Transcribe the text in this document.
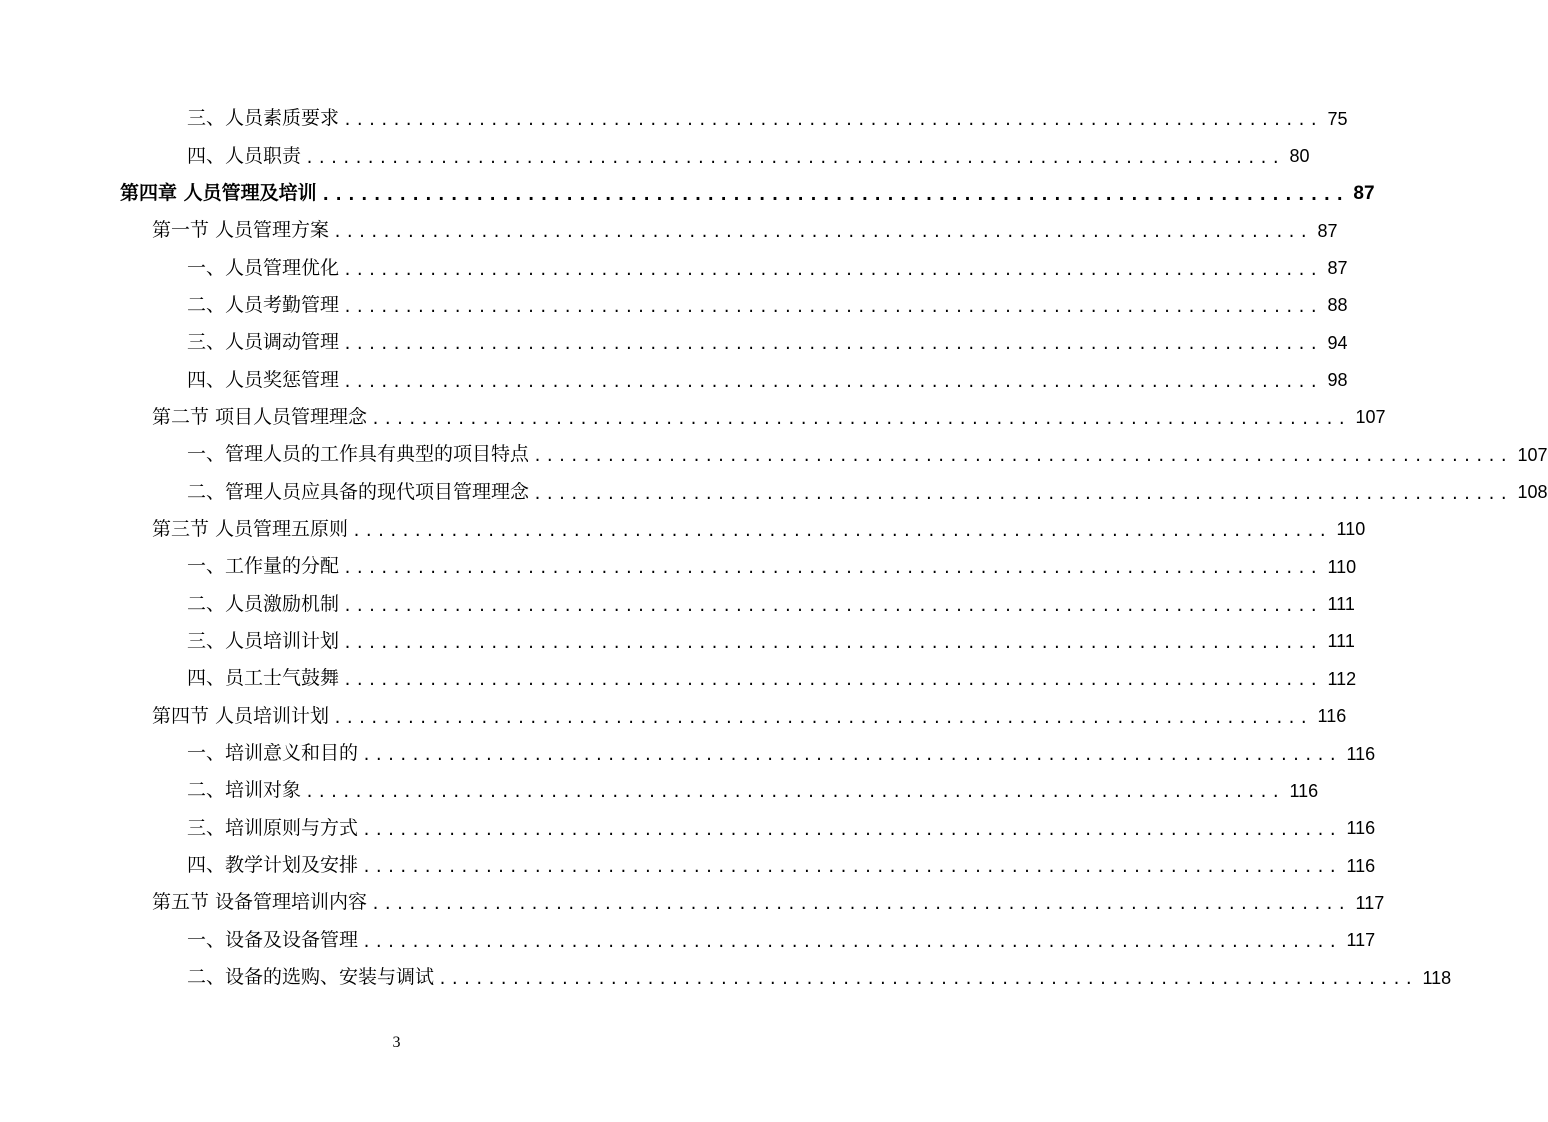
三、人员素质要求 ................................................................................ 75
四、人员职责 ................................................................................ 80
第四章 人员管理及培训 ................................................................................ 87
第一节 人员管理方案 ................................................................................ 87
一、人员管理优化 ................................................................................ 87
二、人员考勤管理 ................................................................................ 88
三、人员调动管理 ................................................................................ 94
四、人员奖惩管理 ................................................................................ 98
第二节 项目人员管理理念 ................................................................................ 107
一、管理人员的工作具有典型的项目特点 ................................................................................ 107
二、管理人员应具备的现代项目管理理念 ................................................................................ 108
第三节 人员管理五原则 ................................................................................ 110
一、工作量的分配 ................................................................................ 110
二、人员激励机制 ................................................................................ 111
三、人员培训计划 ................................................................................ 111
四、员工士气鼓舞 ................................................................................ 112
第四节 人员培训计划 ................................................................................ 116
一、培训意义和目的 ................................................................................ 116
二、培训对象 ................................................................................ 116
三、培训原则与方式 ................................................................................ 116
四、教学计划及安排 ................................................................................ 116
第五节 设备管理培训内容 ................................................................................ 117
一、设备及设备管理 ................................................................................ 117
二、设备的选购、安装与调试 ................................................................................ 118
3
